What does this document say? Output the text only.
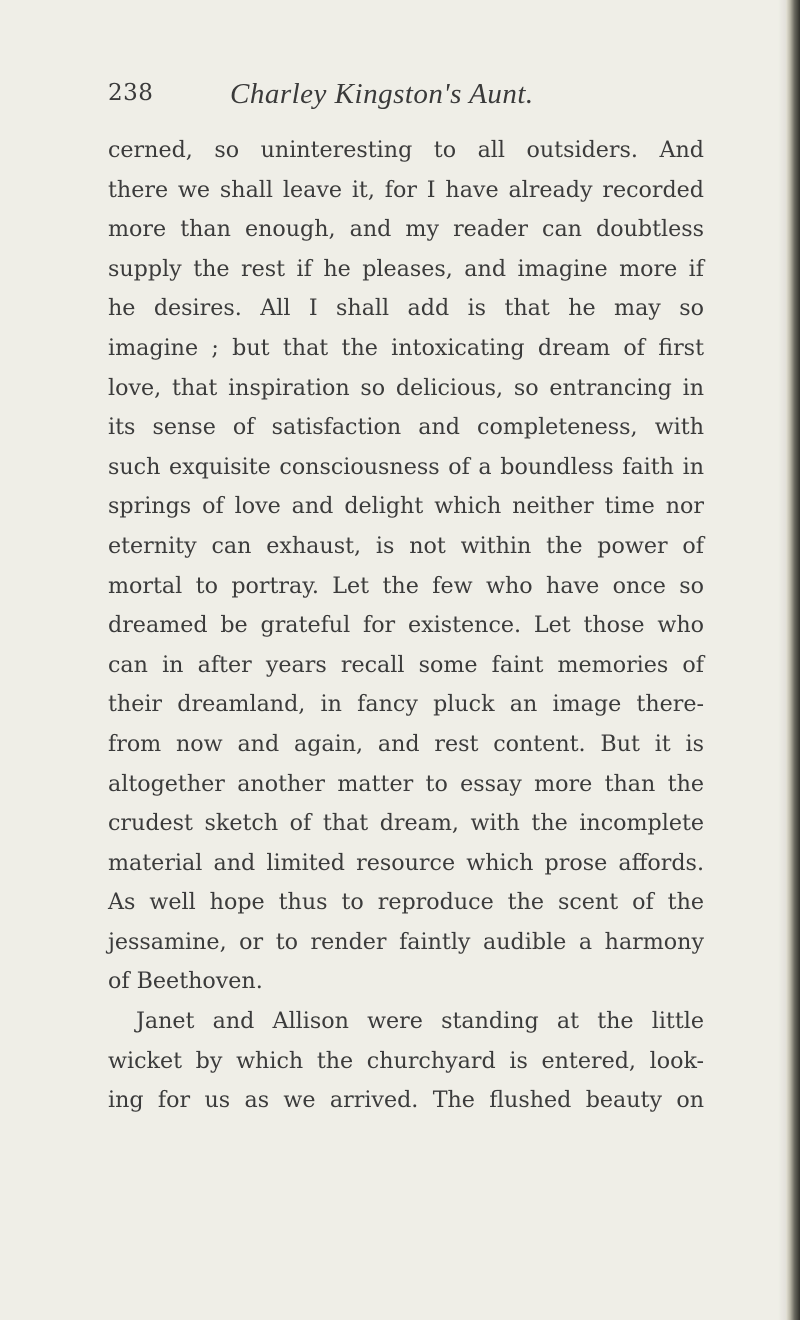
238	Charley Kingston's Aunt.
cerned, so uninteresting to all outsiders. And
there we shall leave it, for I have already recorded
more than enough, and my reader can doubtless
supply the rest if he pleases, and imagine more if
he desires. All I shall add is that he may so
imagine ; but that the intoxicating dream of first
love, that inspiration so delicious, so entrancing in
its sense of satisfaction and completeness, with
such exquisite consciousness of a boundless faith in
springs of love and delight which neither time nor
eternity can exhaust, is not within the power of
mortal to portray. Let the few who have once so
dreamed be grateful for existence. Let those who
can in after years recall some faint memories of
their dreamland, in fancy pluck an image there-
from now and again, and rest content. But it is
altogether another matter to essay more than the
crudest sketch of that dream, with the incomplete
material and limited resource which prose affords.
As well hope thus to reproduce the scent of the
jessamine, or to render faintly audible a harmony
of Beethoven.
Janet and Allison were standing at the little
wicket by which the churchyard is entered, look-
ing for us as we arrived. The flushed beauty on
